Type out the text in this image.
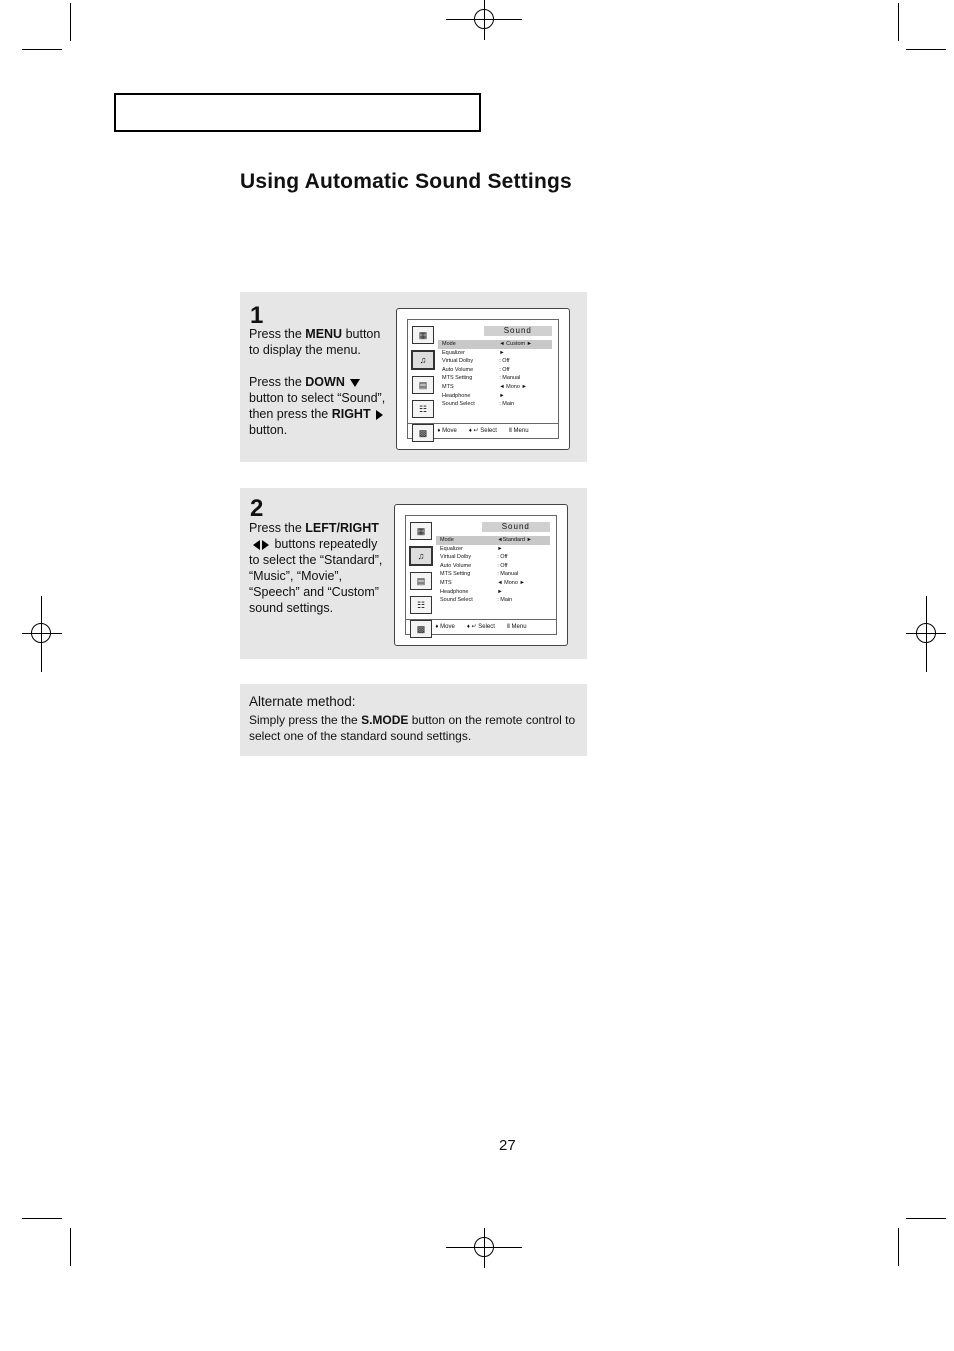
Using Automatic Sound Settings
1

Press the MENU button to display the menu.

Press the DOWN button to select “Sound”, then press the RIGHT  button.

▦
♫
▤
☷
▩
Sound
Mode	◄ Custom ►
Equalizer	►
Virtual Dolby	: Off
Auto Volume	: Off
MTS Setting	: Manual
MTS	◄ Mono ►
Headphone	►
Sound Select	: Main
♦ Move ♦ ↵ Select Ⅱ Menu
2

Press the LEFT/RIGHT buttons repeatedly to select the “Standard”, “Music”, “Movie”, “Speech” and “Custom” sound settings.

▦
♫
▤
☷
▩
Sound
Mode	◄Standard ►
Equalizer	►
Virtual Dolby	: Off
Auto Volume	: Off
MTS Setting	: Manual
MTS	◄ Mono ►
Headphone	►
Sound Select	: Main
♦ Move ♦ ↵ Select Ⅱ Menu
Alternate method:
Simply press the the S.MODE button on the remote control to select one of the standard sound settings.
27
